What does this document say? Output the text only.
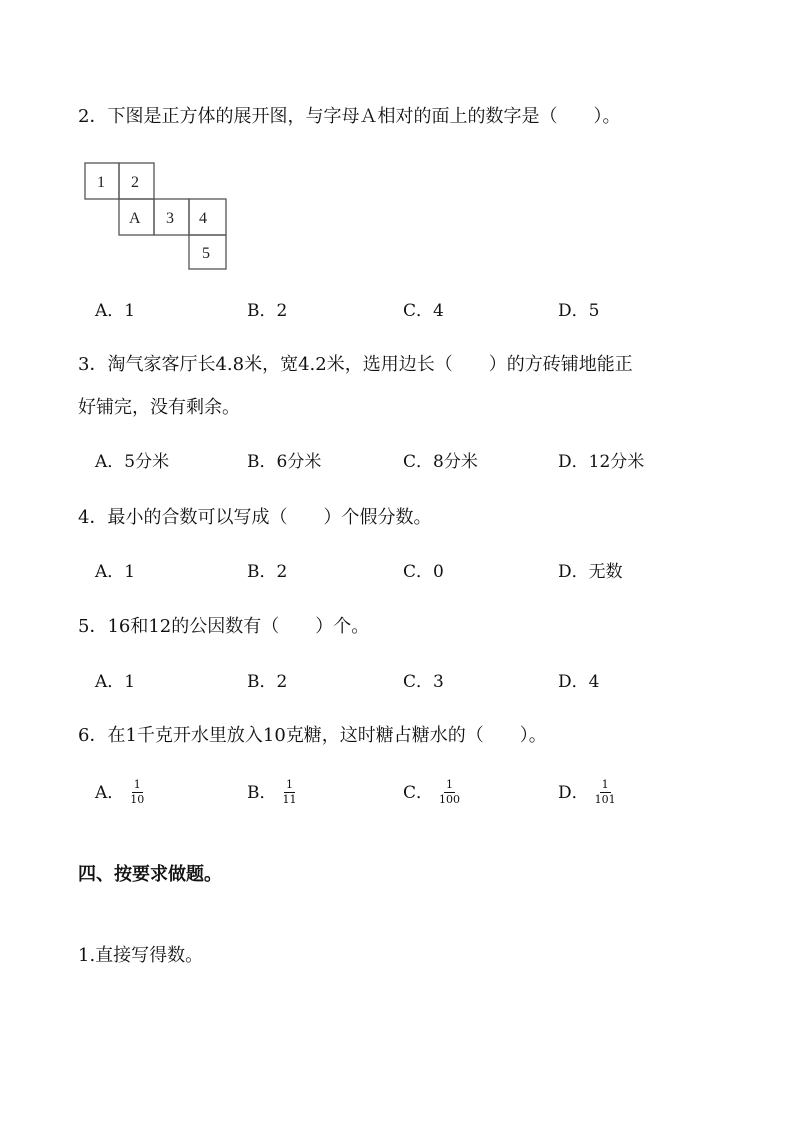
2．下图是正方体的展开图，与字母Ａ相对的面上的数字是（　　）。
1 2
A 3 4
5
A．1	B．2	C．4	D．5
3．淘气家客厅长4.8米，宽4.2米，选用边长（　　）的方砖铺地能正
好铺完，没有剩余。
A．5分米	B．6分米	C．8分米	D．12分米
4．最小的合数可以写成（　　）个假分数。
A．1	B．2	C．0	D．无数
5．16和12的公因数有（　　）个。
A．1	B．2	C．3	D．4
6．在1千克开水里放入10克糖，这时糖占糖水的（　　）。
A． $\frac{1}{10}$	B． $\frac{1}{11}$	C． $\frac{1}{100}$	D． $\frac{1}{101}$
四、按要求做题。
1.直接写得数。
